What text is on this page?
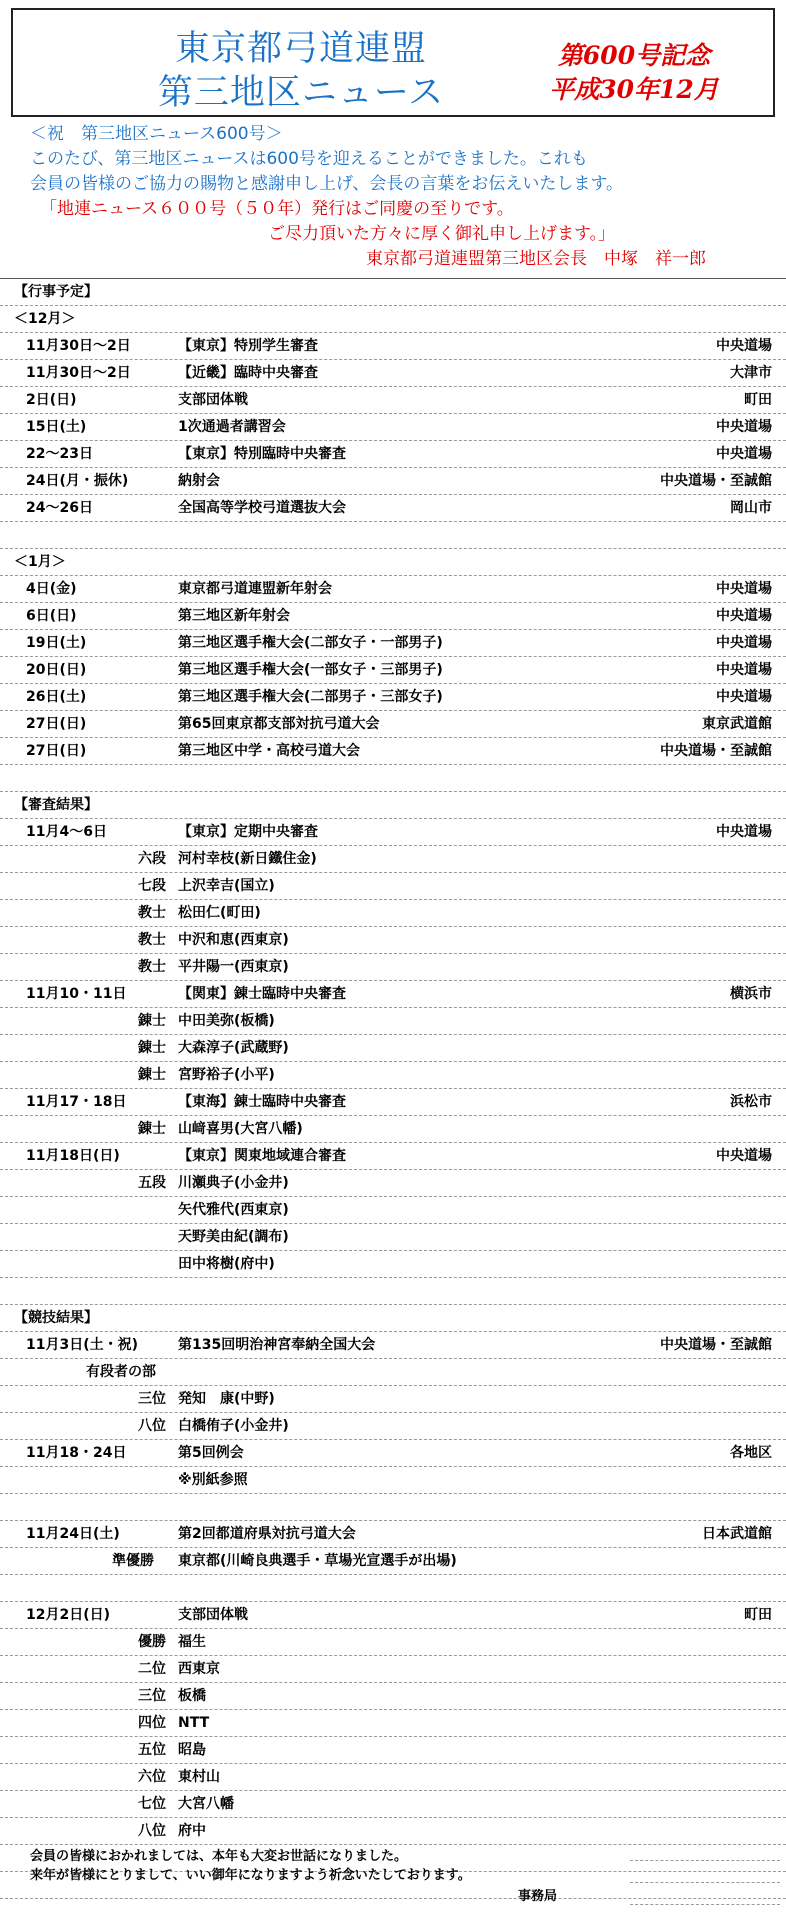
東京都弓道連盟
第三地区ニュース
第600号記念
平成30年12月
＜祝　第三地区ニュース600号＞
このたび、第三地区ニュースは600号を迎えることができました。これも
会員の皆様のご協力の賜物と感謝申し上げ、会長の言葉をお伝えいたします。
「地連ニュース６００号（５０年）発行はご同慶の至りです。
ご尽力頂いた方々に厚く御礼申し上げます。」
東京都弓道連盟第三地区会長　中塚　祥一郎
【行事予定】
＜12月＞
11月30日～2日	【東京】特別学生審査	中央道場
11月30日～2日	【近畿】臨時中央審査	大津市
2日(日)	支部団体戦	町田
15日(土)	1次通過者講習会	中央道場
22～23日	【東京】特別臨時中央審査	中央道場
24日(月・振休)	納射会	中央道場・至誠館
24～26日	全国高等学校弓道選抜大会	岡山市
＜1月＞
4日(金)	東京都弓道連盟新年射会	中央道場
6日(日)	第三地区新年射会	中央道場
19日(土)	第三地区選手権大会(二部女子・一部男子)	中央道場
20日(日)	第三地区選手権大会(一部女子・三部男子)	中央道場
26日(土)	第三地区選手権大会(二部男子・三部女子)	中央道場
27日(日)	第65回東京都支部対抗弓道大会	東京武道館
27日(日)	第三地区中学・高校弓道大会	中央道場・至誠館
【審査結果】
11月4～6日	【東京】定期中央審査	中央道場
六段 河村幸枝(新日鐵住金)
七段 上沢幸吉(国立)
教士 松田仁(町田)
教士 中沢和恵(西東京)
教士 平井陽一(西東京)
11月10・11日	【関東】錬士臨時中央審査	横浜市
錬士 中田美弥(板橋)
錬士 大森淳子(武蔵野)
錬士 宮野裕子(小平)
11月17・18日	【東海】錬士臨時中央審査	浜松市
錬士 山﨑喜男(大宮八幡)
11月18日(日)	【東京】関東地域連合審査	中央道場
五段 川瀬典子(小金井)
矢代雅代(西東京)
天野美由紀(調布)
田中将樹(府中)
【競技結果】
11月3日(土・祝)	第135回明治神宮奉納全国大会	中央道場・至誠館
有段者の部
三位 発知　康(中野)
八位 白橋侑子(小金井)
11月18・24日	第5回例会	各地区
※別紙参照
11月24日(土)	第2回都道府県対抗弓道大会	日本武道館
準優勝 東京都(川崎良典選手・草場光宣選手が出場)
12月2日(日)	支部団体戦	町田
優勝 福生
二位 西東京
三位 板橋
四位 NTT
五位 昭島
六位 東村山
七位 大宮八幡
八位 府中
会員の皆様におかれましては、本年も大変お世話になりました。
来年が皆様にとりまして、いい御年になりますよう祈念いたしております。
事務局
